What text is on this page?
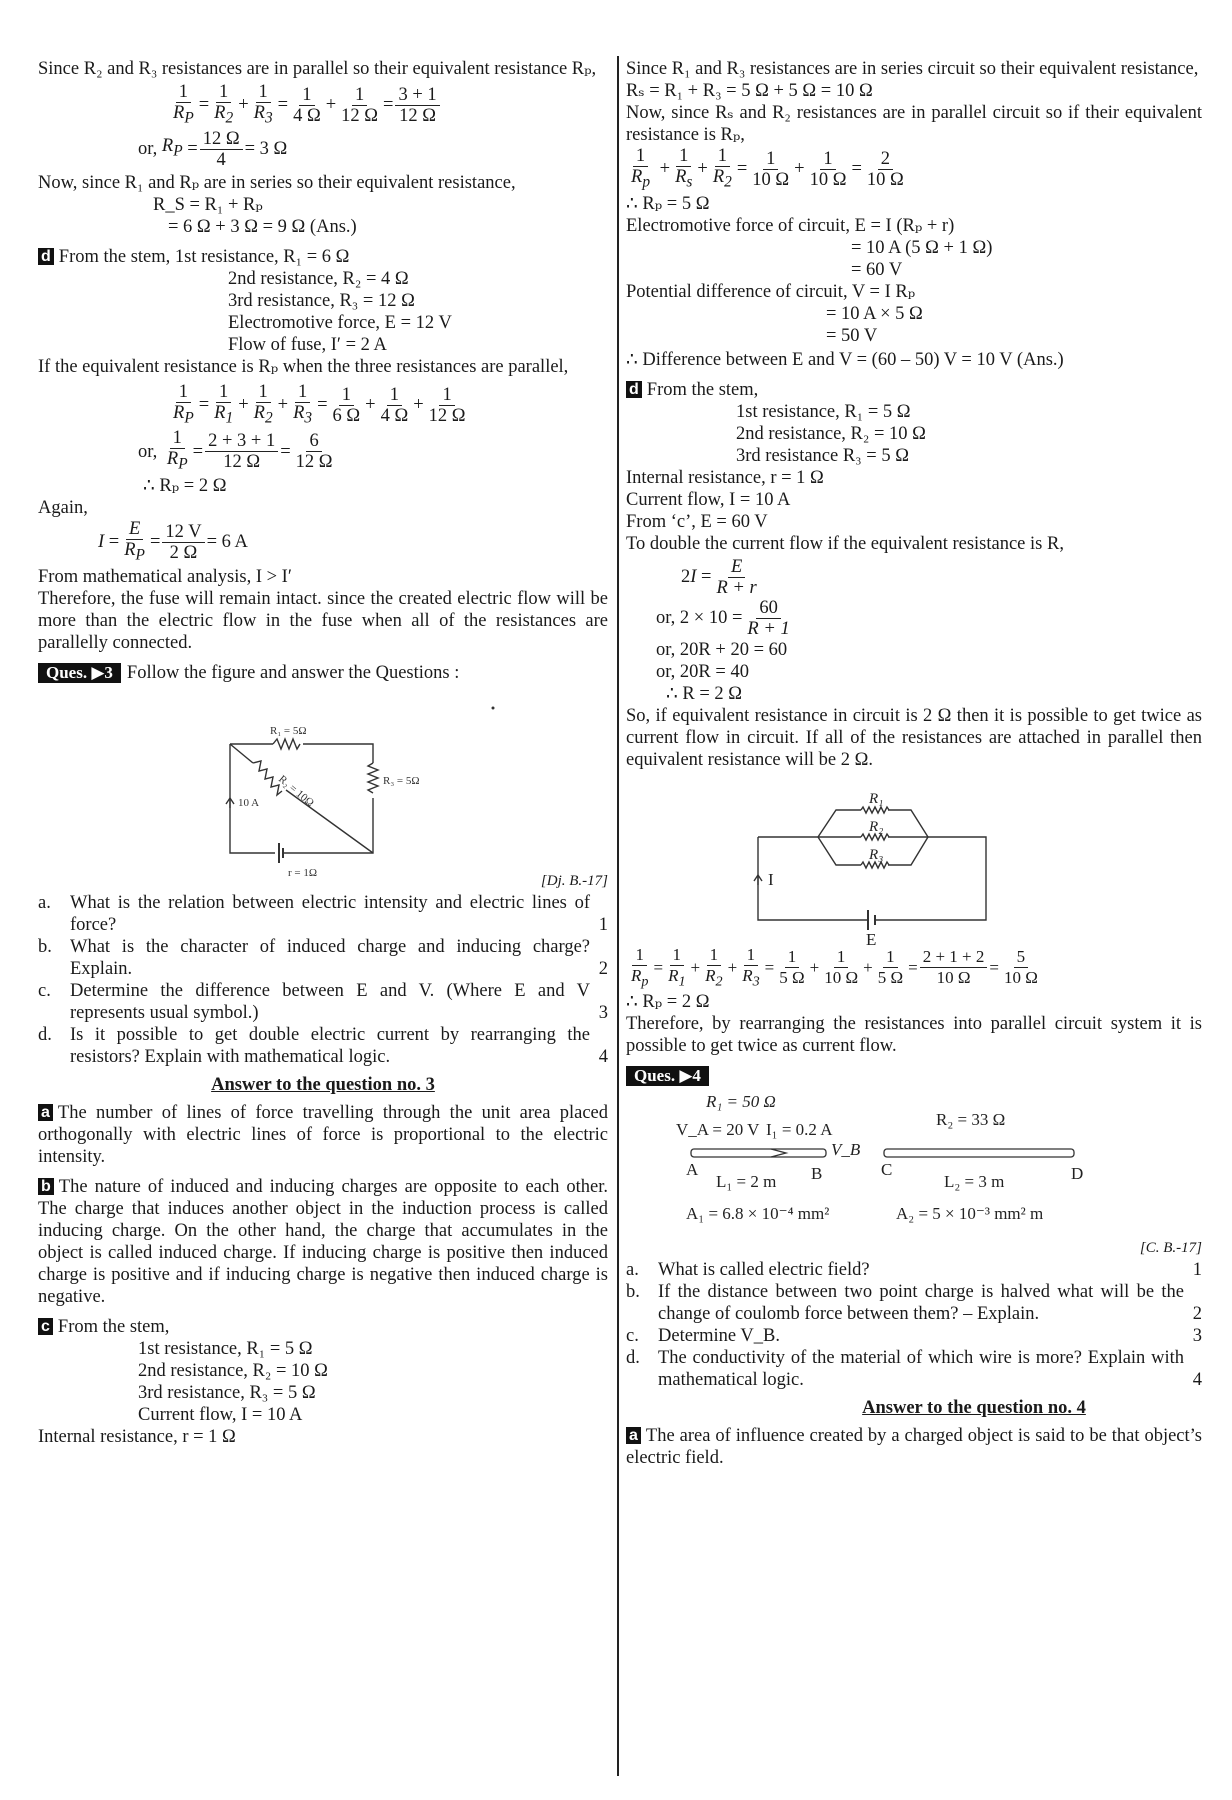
Since R₂ and R₃ resistances are in parallel so their equivalent resistance Rₚ,

$\frac{1}{R_P} = \frac{1}{R_2} + \frac{1}{R_3} = \frac{1}{4 \Omega} + \frac{1}{12 \Omega} = \frac{3 + 1}{12 \Omega}$
or, $R_P = \frac{12 \Omega}{4} = 3$ Ω

Now, since R₁ and Rₚ are in series so their equivalent resistance,

R_S = R₁ + Rₚ

= 6 Ω + 3 Ω = 9 Ω (Ans.)

d From the stem, 1st resistance, R₁ = 6 Ω

2nd resistance, R₂ = 4 Ω

3rd resistance, R₃ = 12 Ω

Electromotive force, E = 12 V

Flow of fuse, I′ = 2 A

If the equivalent resistance is Rₚ when the three resistances are parallel,

$\frac{1}{R_P} = \frac{1}{R_1} + \frac{1}{R_2} + \frac{1}{R_3} = \frac{1}{6 \Omega} + \frac{1}{4 \Omega} + \frac{1}{12 \Omega}$
or, $\frac{1}{R_P} = \frac{2 + 3 + 1}{12 \Omega} = \frac{6}{12 \Omega}$

∴ Rₚ = 2 Ω

Again,

$I = \frac{E}{R_P} = \frac{12 V}{2 \Omega} = 6$ A

From mathematical analysis, I > I′

Therefore, the fuse will remain intact. since the created electric flow will be more than the electric flow in the fuse when all of the resistances are parallelly connected.

Ques. ▶3 Follow the figure and answer the Questions :

R₁ = 5Ω
R₃ = 5Ω
R₂ = 10Ω
10 A
r = 1Ω	[Dj. B.-17]

a.	What is the relation between electric intensity and electric lines of force?	1
b. What is the character of induced charge and inducing charge? Explain.	2
c.	Determine the difference between E and V. (Where E and V represents usual symbol.)	3
d. Is it possible to get double electric current by rearranging the resistors? Explain with mathematical logic.	4

Answer to the question no. 3

a The number of lines of force travelling through the unit area placed orthogonally with electric lines of force is proportional to the electric intensity.

b The nature of induced and inducing charges are opposite to each other. The charge that induces another object in the induction process is called inducing charge. On the other hand, the charge that accumulates in the object is called induced charge. If inducing charge is positive then induced charge is positive and if inducing charge is negative then induced charge is negative.

c From the stem,

1st resistance, R₁ = 5 Ω

2nd resistance, R₂ = 10 Ω

3rd resistance, R₃ = 5 Ω

Current flow, I = 10 A

Internal resistance, r = 1 Ω

Since R₁ and R₃ resistances are in series circuit so their equivalent resistance,

Rₛ = R₁ + R₃ = 5 Ω + 5 Ω = 10 Ω

Now, since Rₛ and R₂ resistances are in parallel circuit so if their equivalent resistance is Rₚ,

$\frac{1}{R_p} + \frac{1}{R_s} + \frac{1}{R_2} = \frac{1}{10 \Omega} + \frac{1}{10 \Omega} = \frac{2}{10 \Omega}$

∴ Rₚ = 5 Ω

Electromotive force of circuit, E = I (Rₚ + r)

= 10 A (5 Ω + 1 Ω)

= 60 V

Potential difference of circuit, V = I Rₚ

= 10 A × 5 Ω

= 50 V

∴ Difference between E and V = (60 – 50) V = 10 V (Ans.)

d From the stem,

1st resistance, R₁ = 5 Ω

2nd resistance, R₂ = 10 Ω

3rd resistance R₃ = 5 Ω

Internal resistance, r = 1 Ω

Current flow, I = 10 A

From ‘c’, E = 60 V

To double the current flow if the equivalent resistance is R,

2 $I = \frac{E}{R + r}$
or, $2 \times 10 = \frac{60}{R + 1}$

or, 20R + 20 = 60

or, 20R = 40

∴ R = 2 Ω

So, if equivalent resistance in circuit is 2 Ω then it is possible to get twice as current flow in circuit. If all of the resistances are attached in parallel then equivalent resistance will be 2 Ω.

R₁
R₂
R₃
I
E
$\frac{1}{R_p} = \frac{1}{R_1} + \frac{1}{R_2} + \frac{1}{R_3} = \frac{1}{5 \Omega} + \frac{1}{10 \Omega} + \frac{1}{5 \Omega} = \frac{2 + 1 + 2}{10 \Omega} = \frac{5}{10 \Omega}$

∴ Rₚ = 2 Ω

Therefore, by rearranging the resistances into parallel circuit system it is possible to get twice as current flow.

Ques. ▶4

R₁ = 50 Ω
V_A = 20 V I₁ = 0.2 A
V_B
A	B
L₁ = 2 m
A₁ = 6.8 × 10⁻⁴ mm²
R₂ = 33 Ω
C	D
L₂ = 3 m
A₂ = 5 × 10⁻³ mm² m

[C. B.-17]

a.	What is called electric field?	1
b. If the distance between two point charge is halved what will be the change of coulomb force between them? – Explain.	2
c.	Determine V_B.	3
d. The conductivity of the material of which wire is more? Explain with mathematical logic.	4

Answer to the question no. 4

a The area of influence created by a charged object is said to be that object’s electric field.
